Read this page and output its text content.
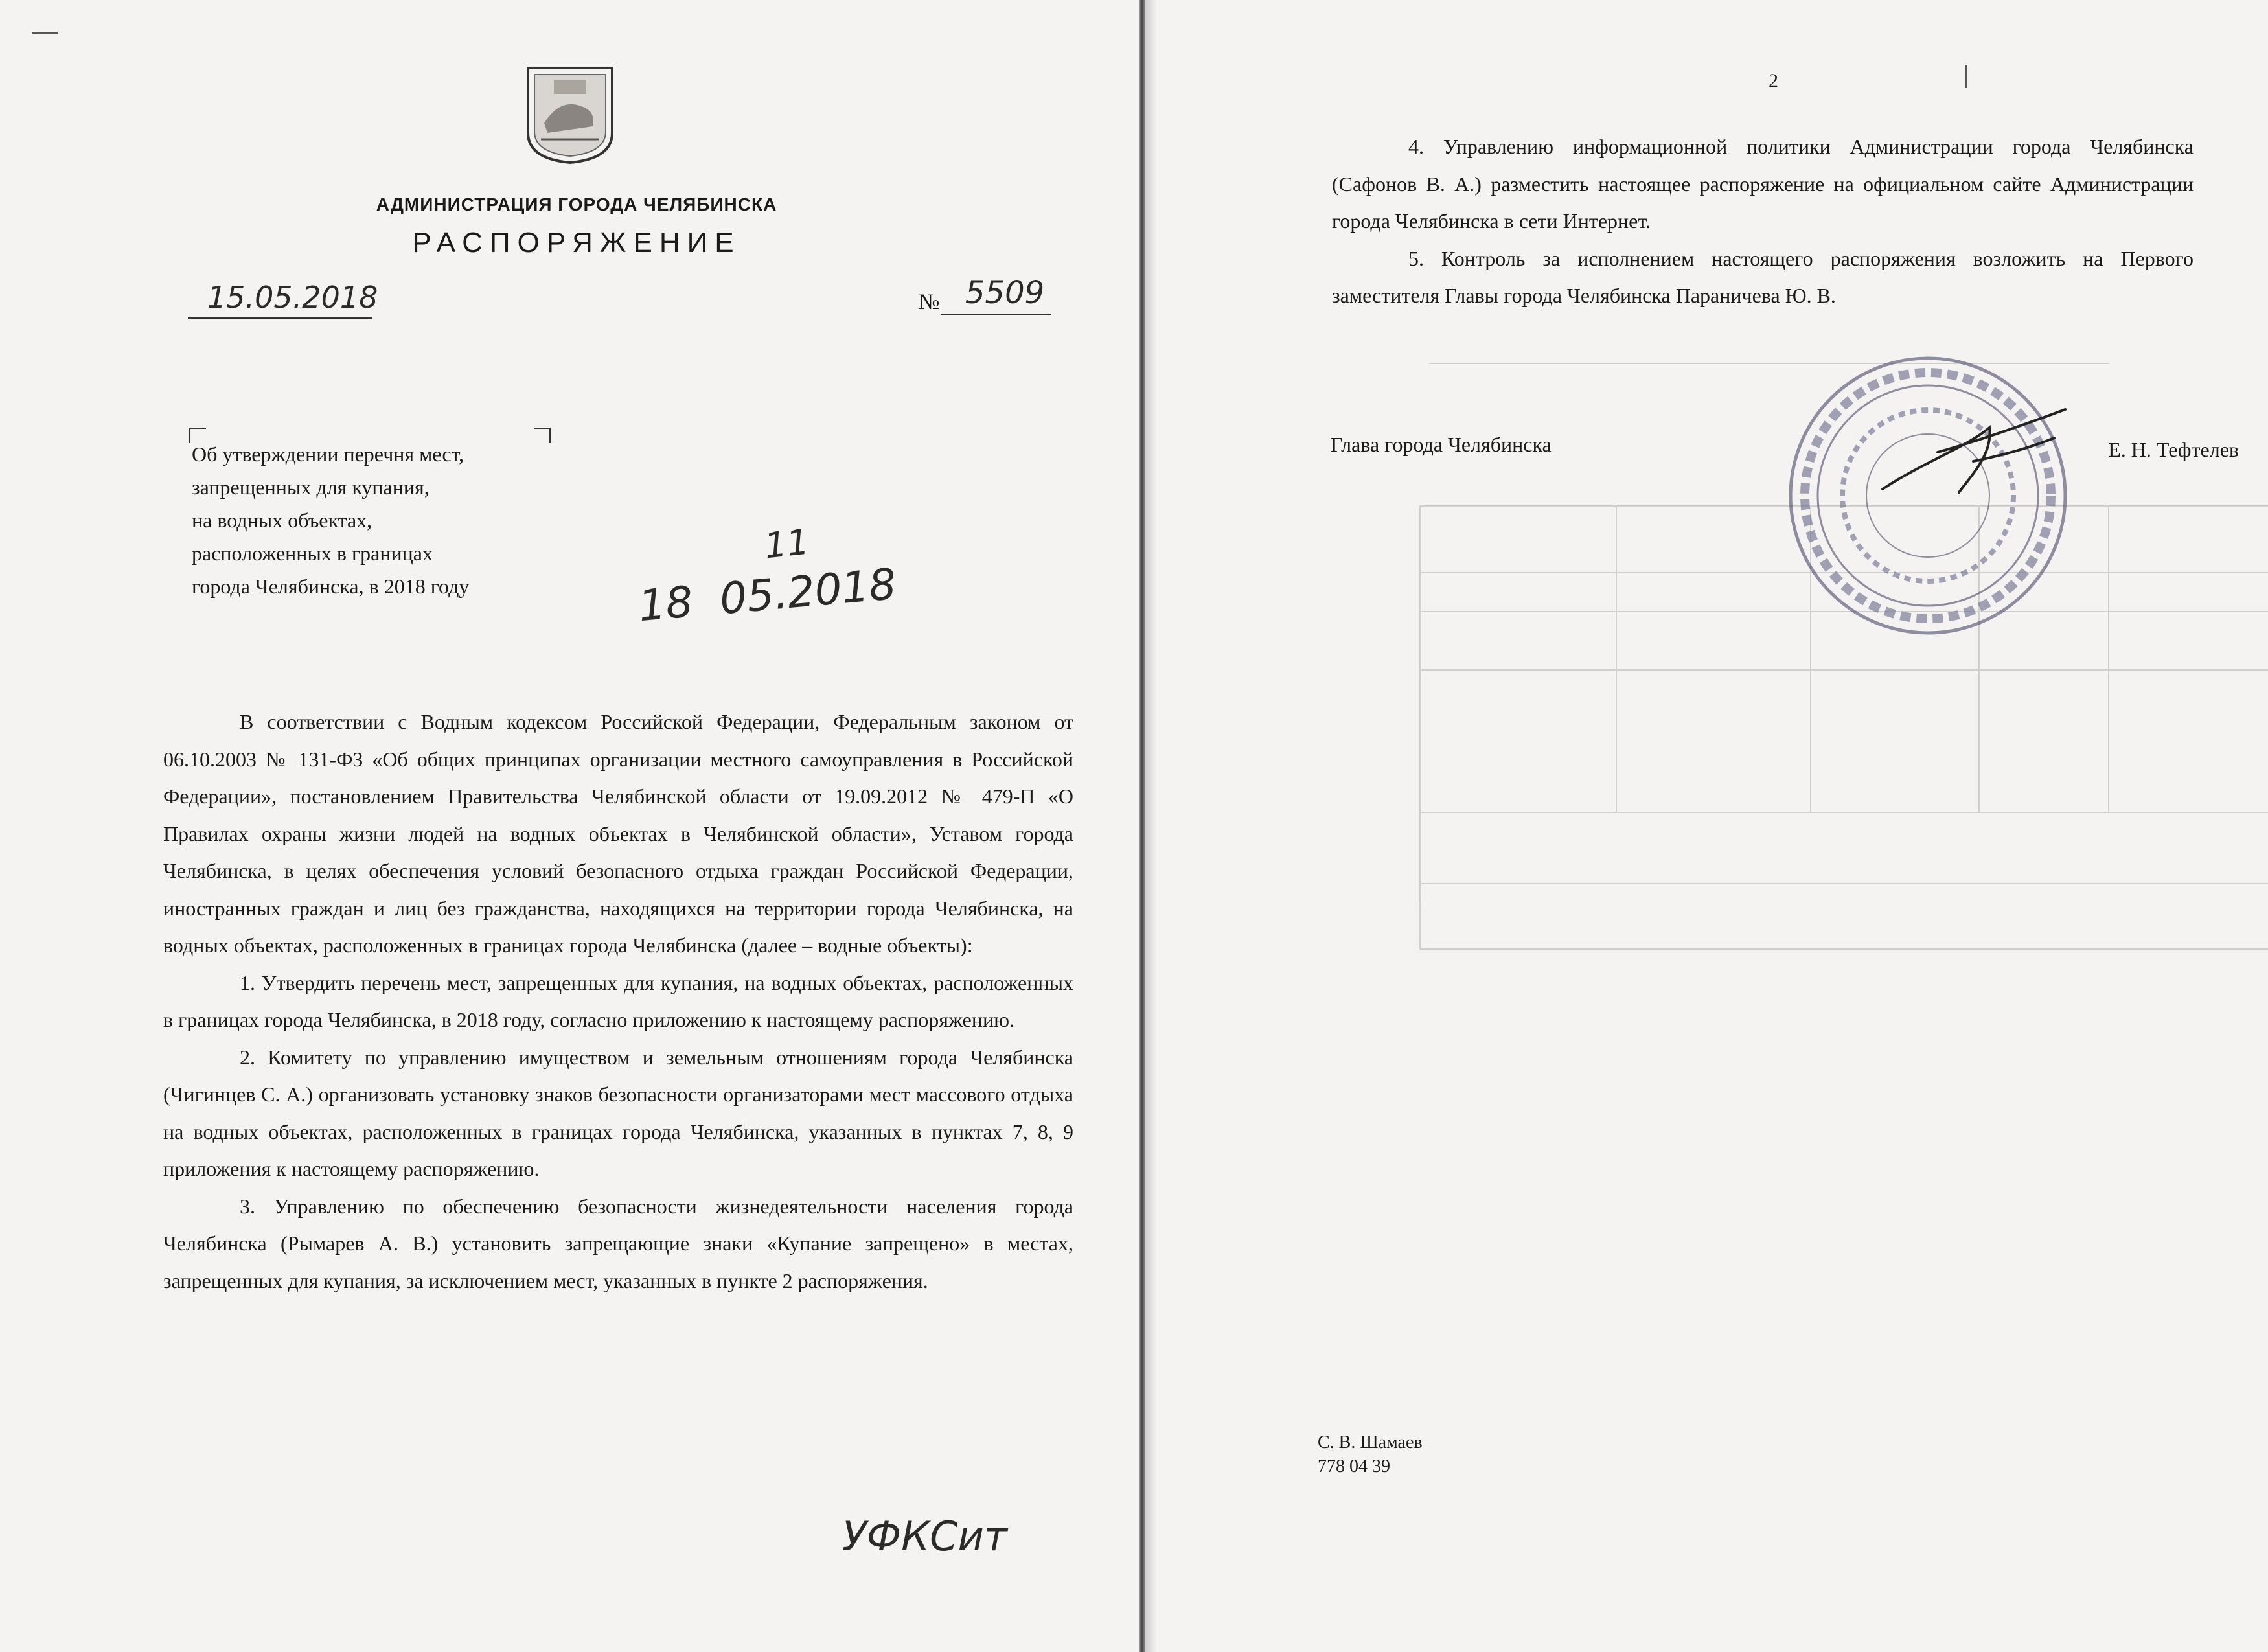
АДМИНИСТРАЦИЯ ГОРОДА ЧЕЛЯБИНСКА
РАСПОРЯЖЕНИЕ
15.05.2018	№ 5509
Об утверждении перечня мест,
запрещенных для купания,
на водных объектах,
расположенных в границах
города Челябинска, в 2018 году
11
18  05.2018

В соответствии с Водным кодексом Российской Федерации, Федеральным законом от 06.10.2003 № 131-ФЗ «Об общих принципах организации местного самоуправления в Российской Федерации», постановлением Правительства Челябинской области от 19.09.2012 № 479-П «О Правилах охраны жизни людей на водных объектах в Челябинской области», Уставом города Челябинска, в целях обеспечения условий безопасного отдыха граждан Российской Федерации, иностранных граждан и лиц без гражданства, находящихся на территории города Челябинска, на водных объектах, расположенных в границах города Челябинска (далее – водные объекты):

1. Утвердить перечень мест, запрещенных для купания, на водных объектах, расположенных в границах города Челябинска, в 2018 году, согласно приложению к настоящему распоряжению.

2. Комитету по управлению имуществом и земельным отношениям города Челябинска (Чигинцев С. А.) организовать установку знаков безопасности организаторами мест массового отдыха на водных объектах, расположенных в границах города Челябинска, указанных в пунктах 7, 8, 9 приложения к настоящему распоряжению.

3. Управлению по обеспечению безопасности жизнедеятельности населения города Челябинска (Рымарев А. В.) установить запрещающие знаки «Купание запрещено» в местах, запрещенных для купания, за исключением мест, указанных в пункте 2 распоряжения.

УФКСит
2

4. Управлению информационной политики Администрации города Челябинска (Сафонов В. А.) разместить настоящее распоряжение на официальном сайте Администрации города Челябинска в сети Интернет.

5. Контроль за исполнением настоящего распоряжения возложить на Первого заместителя Главы города Челябинска Параничева Ю. В.

Глава города Челябинска	Е. Н. Тефтелев
С. В. Шамаев
778 04 39
